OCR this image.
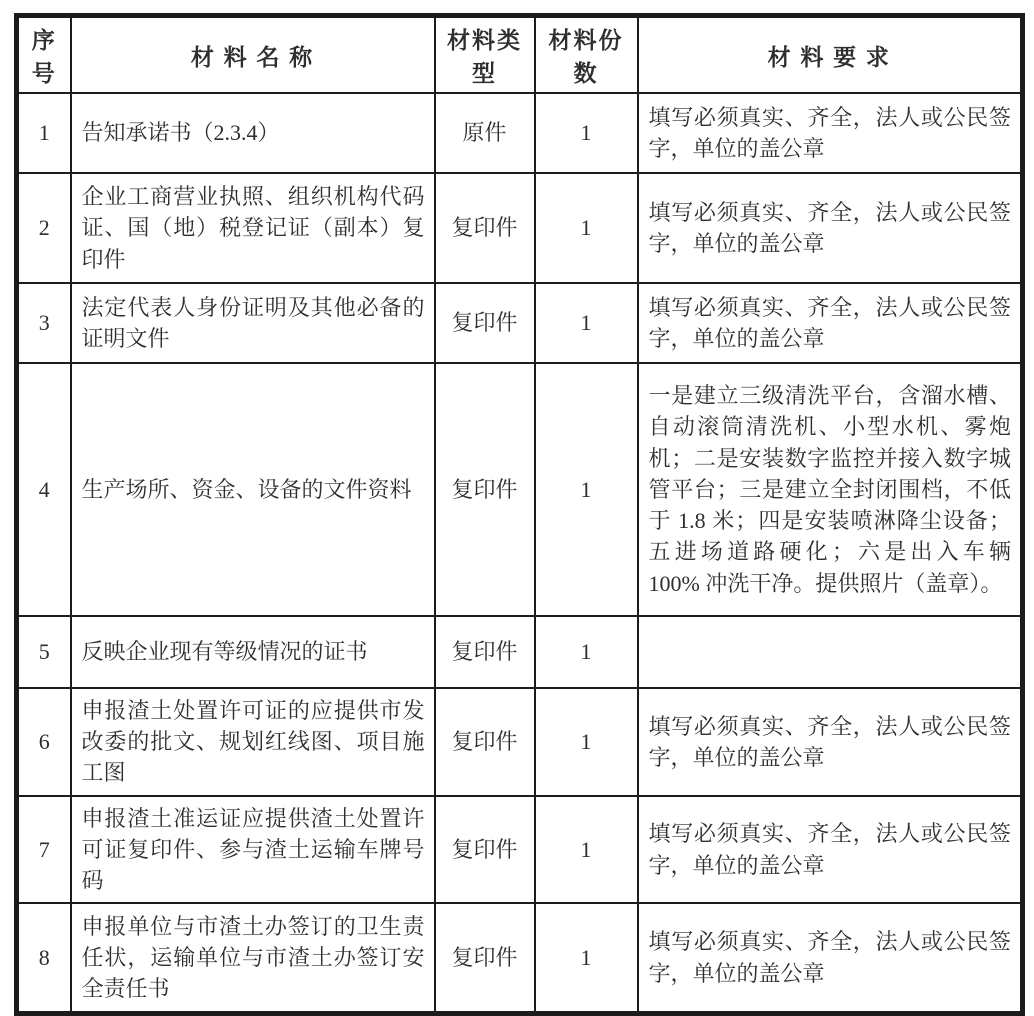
序号	材 料 名 称	材料类型	材料份数	材 料 要 求
1	告知承诺书（2.3.4）	原件	1	填写必须真实、齐全，法人或公民签字，单位的盖公章
2	企业工商营业执照、组织机构代码证、国（地）税登记证（副本）复印件	复印件	1	填写必须真实、齐全，法人或公民签字，单位的盖公章
3	法定代表人身份证明及其他必备的证明文件	复印件	1	填写必须真实、齐全，法人或公民签字，单位的盖公章
4	生产场所、资金、设备的文件资料	复印件	1	一是建立三级清洗平台，含溜水槽、自动滚筒清洗机、小型水机、雾炮机；二是安装数字监控并接入数字城管平台；三是建立全封闭围档，不低于 1.8 米；四是安装喷淋降尘设备；五进场道路硬化；六是出入车辆 100% 冲洗干净。提供照片（盖章）。
5	反映企业现有等级情况的证书	复印件	1	
6	申报渣土处置许可证的应提供市发改委的批文、规划红线图、项目施工图	复印件	1	填写必须真实、齐全，法人或公民签字，单位的盖公章
7	申报渣土准运证应提供渣土处置许可证复印件、参与渣土运输车牌号码	复印件	1	填写必须真实、齐全，法人或公民签字，单位的盖公章
8	申报单位与市渣土办签订的卫生责任状，运输单位与市渣土办签订安全责任书	复印件	1	填写必须真实、齐全，法人或公民签字，单位的盖公章
